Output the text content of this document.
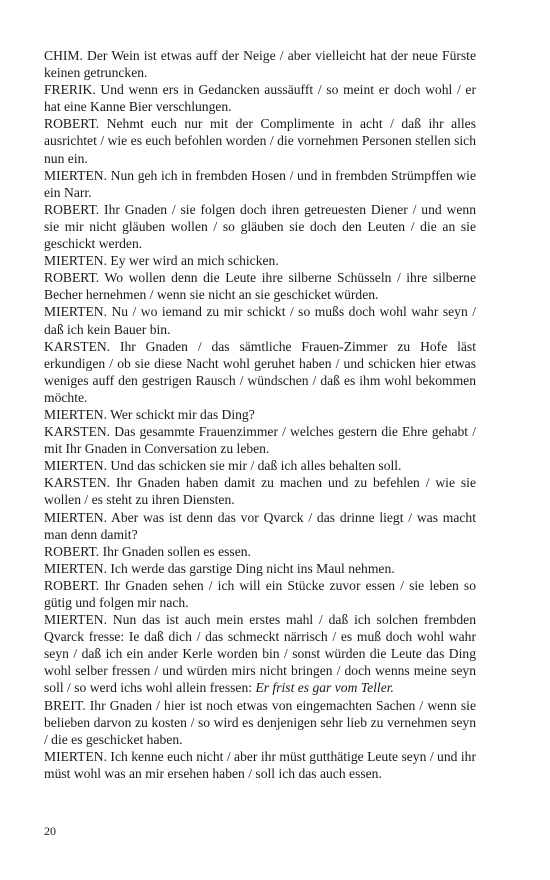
CHIM. Der Wein ist etwas auff der Neige / aber vielleicht hat der neue Fürste keinen getruncken.

FRERIK. Und wenn ers in Gedancken aussäufft / so meint er doch wohl / er hat eine Kanne Bier verschlungen.

ROBERT. Nehmt euch nur mit der Complimente in acht / daß ihr alles ausrichtet / wie es euch befohlen worden / die vornehmen Personen stellen sich nun ein.

MIERTEN. Nun geh ich in frembden Hosen / und in frembden Strümpffen wie ein Narr.

ROBERT. Ihr Gnaden / sie folgen doch ihren getreuesten Diener / und wenn sie mir nicht gläuben wollen / so gläuben sie doch den Leuten / die an sie geschickt werden.

MIERTEN. Ey wer wird an mich schicken.

ROBERT. Wo wollen denn die Leute ihre silberne Schüsseln / ihre silberne Becher hernehmen / wenn sie nicht an sie geschicket würden.

MIERTEN. Nu / wo iemand zu mir schickt / so mußs doch wohl wahr seyn / daß ich kein Bauer bin.

KARSTEN. Ihr Gnaden / das sämtliche Frauen-Zimmer zu Hofe läst erkundigen / ob sie diese Nacht wohl geruhet haben / und schicken hier etwas weniges auff den gestrigen Rausch / wündschen / daß es ihm wohl bekommen möchte.

MIERTEN. Wer schickt mir das Ding?

KARSTEN. Das gesammte Frauenzimmer / welches gestern die Ehre gehabt / mit Ihr Gnaden in Conversation zu leben.

MIERTEN. Und das schicken sie mir / daß ich alles behalten soll.

KARSTEN. Ihr Gnaden haben damit zu machen und zu befehlen / wie sie wollen / es steht zu ihren Diensten.

MIERTEN. Aber was ist denn das vor Qvarck / das drinne liegt / was macht man denn damit?

ROBERT. Ihr Gnaden sollen es essen.

MIERTEN. Ich werde das garstige Ding nicht ins Maul nehmen.

ROBERT. Ihr Gnaden sehen / ich will ein Stücke zuvor essen / sie leben so gütig und folgen mir nach.

MIERTEN. Nun das ist auch mein erstes mahl / daß ich solchen frembden Qvarck fresse: Ie daß dich / das schmeckt närrisch / es muß doch wohl wahr seyn / daß ich ein ander Kerle worden bin / sonst würden die Leute das Ding wohl selber fressen / und würden mirs nicht bringen / doch wenns meine seyn soll / so werd ichs wohl allein fressen: Er frist es gar vom Teller.

BREIT. Ihr Gnaden / hier ist noch etwas von eingemachten Sachen / wenn sie belieben darvon zu kosten / so wird es denjenigen sehr lieb zu vernehmen seyn / die es geschicket haben.

MIERTEN. Ich kenne euch nicht / aber ihr müst gutthätige Leute seyn / und ihr müst wohl was an mir ersehen haben / soll ich das auch essen.

20
